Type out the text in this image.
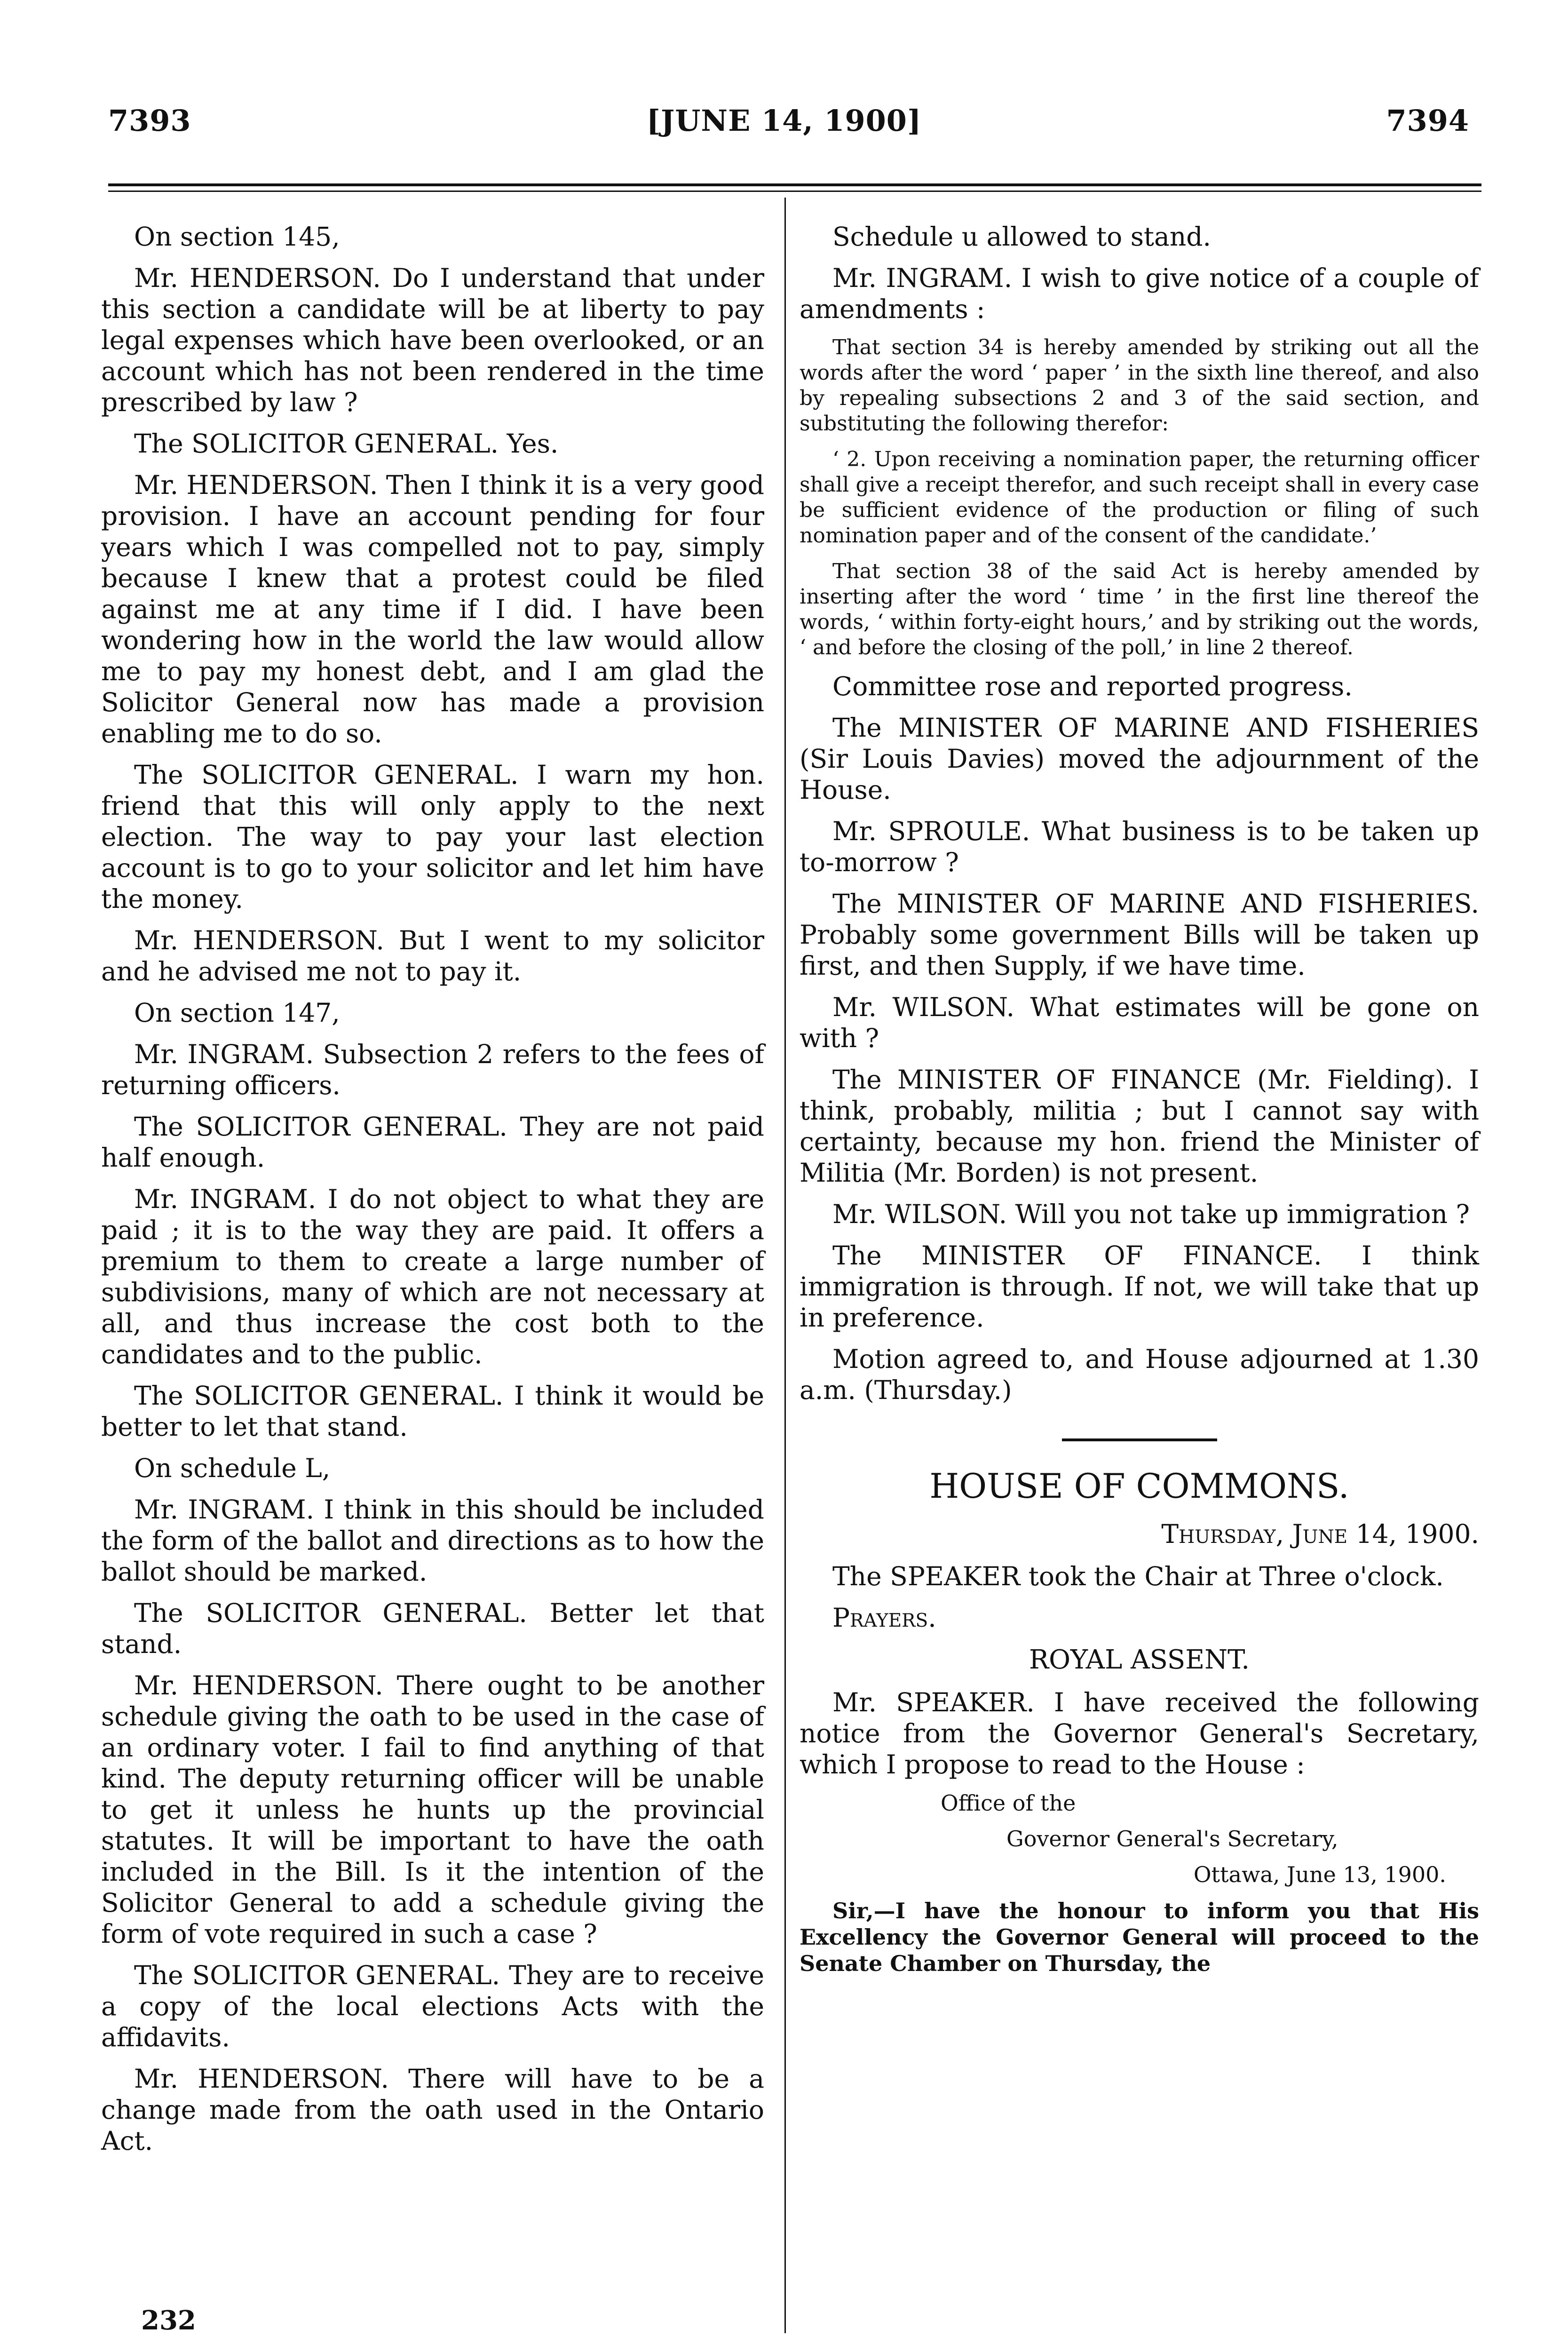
7393	[JUNE 14, 1900]	7394

On section 145,

Mr. HENDERSON. Do I understand that under this section a candidate will be at liberty to pay legal expenses which have been overlooked, or an account which has not been rendered in the time prescribed by law ?

The SOLICITOR GENERAL. Yes.

Mr. HENDERSON. Then I think it is a very good provision. I have an account pending for four years which I was compelled not to pay, simply because I knew that a protest could be filed against me at any time if I did. I have been wondering how in the world the law would allow me to pay my honest debt, and I am glad the Solicitor General now has made a provision enabling me to do so.

The SOLICITOR GENERAL. I warn my hon. friend that this will only apply to the next election. The way to pay your last election account is to go to your solicitor and let him have the money.

Mr. HENDERSON. But I went to my solicitor and he advised me not to pay it.

On section 147,

Mr. INGRAM. Subsection 2 refers to the fees of returning officers.

The SOLICITOR GENERAL. They are not paid half enough.

Mr. INGRAM. I do not object to what they are paid ; it is to the way they are paid. It offers a premium to them to create a large number of subdivisions, many of which are not necessary at all, and thus increase the cost both to the candidates and to the public.

The SOLICITOR GENERAL. I think it would be better to let that stand.

On schedule L,

Mr. INGRAM. I think in this should be included the form of the ballot and directions as to how the ballot should be marked.

The SOLICITOR GENERAL. Better let that stand.

Mr. HENDERSON. There ought to be another schedule giving the oath to be used in the case of an ordinary voter. I fail to find anything of that kind. The deputy returning officer will be unable to get it unless he hunts up the provincial statutes. It will be important to have the oath included in the Bill. Is it the intention of the Solicitor General to add a schedule giving the form of vote required in such a case ?

The SOLICITOR GENERAL. They are to receive a copy of the local elections Acts with the affidavits.

Mr. HENDERSON. There will have to be a change made from the oath used in the Ontario Act.

Schedule u allowed to stand.

Mr. INGRAM. I wish to give notice of a couple of amendments :

That section 34 is hereby amended by striking out all the words after the word ‘ paper ’ in the sixth line thereof, and also by repealing subsections 2 and 3 of the said section, and substituting the following therefor:

‘ 2. Upon receiving a nomination paper, the returning officer shall give a receipt therefor, and such receipt shall in every case be sufficient evidence of the production or filing of such nomination paper and of the consent of the candidate.’

That section 38 of the said Act is hereby amended by inserting after the word ‘ time ’ in the first line thereof the words, ‘ within forty-eight hours,’ and by striking out the words, ‘ and before the closing of the poll,’ in line 2 thereof.

Committee rose and reported progress.

The MINISTER OF MARINE AND FISHERIES (Sir Louis Davies) moved the adjournment of the House.

Mr. SPROULE. What business is to be taken up to-morrow ?

The MINISTER OF MARINE AND FISHERIES. Probably some government Bills will be taken up first, and then Supply, if we have time.

Mr. WILSON. What estimates will be gone on with ?

The MINISTER OF FINANCE (Mr. Fielding). I think, probably, militia ; but I cannot say with certainty, because my hon. friend the Minister of Militia (Mr. Borden) is not present.

Mr. WILSON. Will you not take up immigration ?

The MINISTER OF FINANCE. I think immigration is through. If not, we will take that up in preference.

Motion agreed to, and House adjourned at 1.30 a.m. (Thursday.)

HOUSE OF COMMONS.

Thursday, June 14, 1900.

The SPEAKER took the Chair at Three o'clock.

Prayers.

ROYAL ASSENT.

Mr. SPEAKER. I have received the following notice from the Governor General's Secretary, which I propose to read to the House :

Office of the

Governor General's Secretary,

Ottawa, June 13, 1900.

Sir,—I have the honour to inform you that His Excellency the Governor General will proceed to the Senate Chamber on Thursday, the

232
